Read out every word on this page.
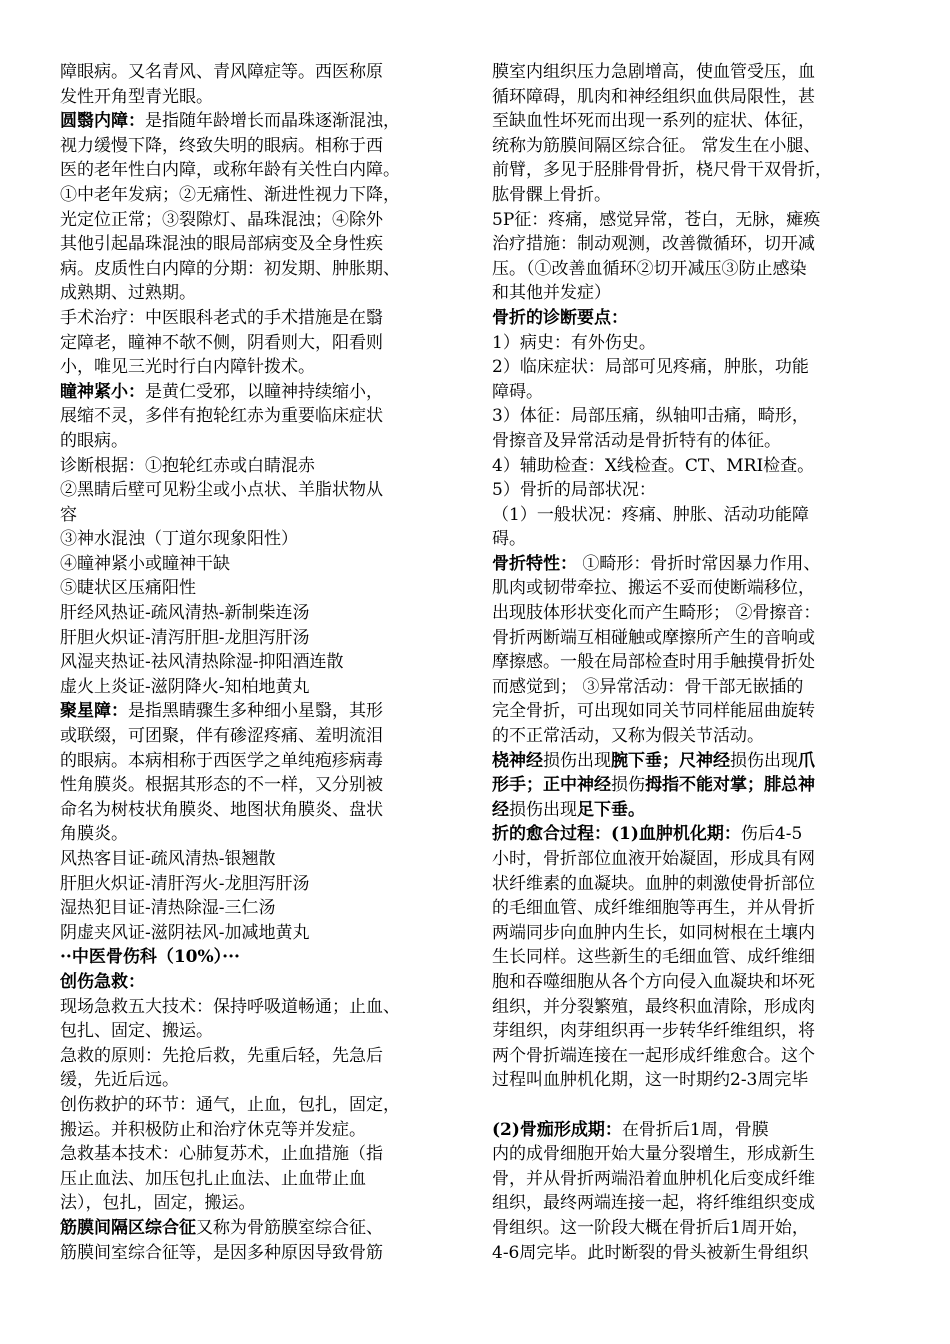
障眼病。又名青风、青风障症等。西医称原
发性开角型青光眼。
圆翳内障：是指随年龄增长而晶珠逐渐混浊，
视力缓慢下降，终致失明的眼病。相称于西
医的老年性白内障，或称年龄有关性白内障。
①中老年发病；②无痛性、渐进性视力下降，
光定位正常；③裂隙灯、晶珠混浊；④除外
其他引起晶珠混浊的眼局部病变及全身性疾
病。皮质性白内障的分期：初发期、肿胀期、
成熟期、过熟期。
手术治疗：中医眼科老式的手术措施是在翳
定障老，瞳神不欹不侧，阴看则大，阳看则
小，唯见三光时行白内障针拨术。
瞳神紧小：是黄仁受邪，以瞳神持续缩小，
展缩不灵，多伴有抱轮红赤为重要临床症状
的眼病。
诊断根据：①抱轮红赤或白睛混赤
②黑睛后壁可见粉尘或小点状、羊脂状物从
容
③神水混浊（丁道尔现象阳性）
④瞳神紧小或瞳神干缺
⑤睫状区压痛阳性
肝经风热证-疏风清热-新制柴连汤
肝胆火炽证-清泻肝胆-龙胆泻肝汤
风湿夹热证-祛风清热除湿-抑阳酒连散
虚火上炎证-滋阴降火-知柏地黄丸
聚星障：是指黑睛骤生多种细小星翳，其形
或联缀，可团聚，伴有碜涩疼痛、羞明流泪
的眼病。本病相称于西医学之单纯疱疹病毒
性角膜炎。根据其形态的不一样，又分别被
命名为树枝状角膜炎、地图状角膜炎、盘状
角膜炎。
风热客目证-疏风清热-银翘散
肝胆火炽证-清肝泻火-龙胆泻肝汤
湿热犯目证-清热除湿-三仁汤
阴虚夹风证-滋阴祛风-加减地黄丸
··中医骨伤科（10%）···
创伤急救：
现场急救五大技术：保持呼吸道畅通；止血、
包扎、固定、搬运。
急救的原则：先抢后救，先重后轻，先急后
缓，先近后远。
创伤救护的环节：通气，止血，包扎，固定，
搬运。并积极防止和治疗休克等并发症。
急救基本技术：心肺复苏术，止血措施（指
压止血法、加压包扎止血法、止血带止血
法），包扎，固定，搬运。
筋膜间隔区综合征又称为骨筋膜室综合征、
筋膜间室综合征等，是因多种原因导致骨筋
膜室内组织压力急剧增高，使血管受压，血
循环障碍，肌肉和神经组织血供局限性，甚
至缺血性坏死而出现一系列的症状、体征，
统称为筋膜间隔区综合征。 常发生在小腿、
前臂，多见于胫腓骨骨折，桡尺骨干双骨折，
肱骨髁上骨折。
5P征：疼痛，感觉异常，苍白，无脉，瘫痪
治疗措施：制动观测，改善微循环，切开减
压。（①改善血循环②切开减压③防止感染
和其他并发症）
骨折的诊断要点：
1）病史：有外伤史。
2）临床症状：局部可见疼痛，肿胀，功能
障碍。
3）体征：局部压痛，纵轴叩击痛，畸形，
骨擦音及异常活动是骨折特有的体征。
4）辅助检查：X线检查。CT、MRI检查。
5）骨折的局部状况：
（1）一般状况：疼痛、肿胀、活动功能障
碍。
骨折特性： ①畸形：骨折时常因暴力作用、
肌肉或韧带牵拉、搬运不妥而使断端移位，
出现肢体形状变化而产生畸形； ②骨擦音：
骨折两断端互相碰触或摩擦所产生的音响或
摩擦感。一般在局部检查时用手触摸骨折处
而感觉到； ③异常活动：骨干部无嵌插的
完全骨折，可出现如同关节同样能屈曲旋转
的不正常活动，又称为假关节活动。
桡神经损伤出现腕下垂；尺神经损伤出现爪
形手；正中神经损伤拇指不能对掌；腓总神
经损伤出现足下垂。
折的愈合过程：(1)血肿机化期：伤后4-5
小时，骨折部位血液开始凝固，形成具有网
状纤维素的血凝块。血肿的刺激使骨折部位
的毛细血管、成纤维细胞等再生，并从骨折
两端同步向血肿内生长，如同树根在土壤内
生长同样。这些新生的毛细血管、成纤维细
胞和吞噬细胞从各个方向侵入血凝块和坏死
组织，并分裂繁殖，最终积血清除，形成肉
芽组织，肉芽组织再一步转华纤维组织，将
两个骨折端连接在一起形成纤维愈合。这个
过程叫血肿机化期，这一时期约2-3周完毕
(2)骨痂形成期：在骨折后1周，骨膜
内的成骨细胞开始大量分裂增生，形成新生
骨，并从骨折两端沿着血肿机化后变成纤维
组织，最终两端连接一起，将纤维组织变成
骨组织。这一阶段大概在骨折后1周开始，
4-6周完毕。此时断裂的骨头被新生骨组织
